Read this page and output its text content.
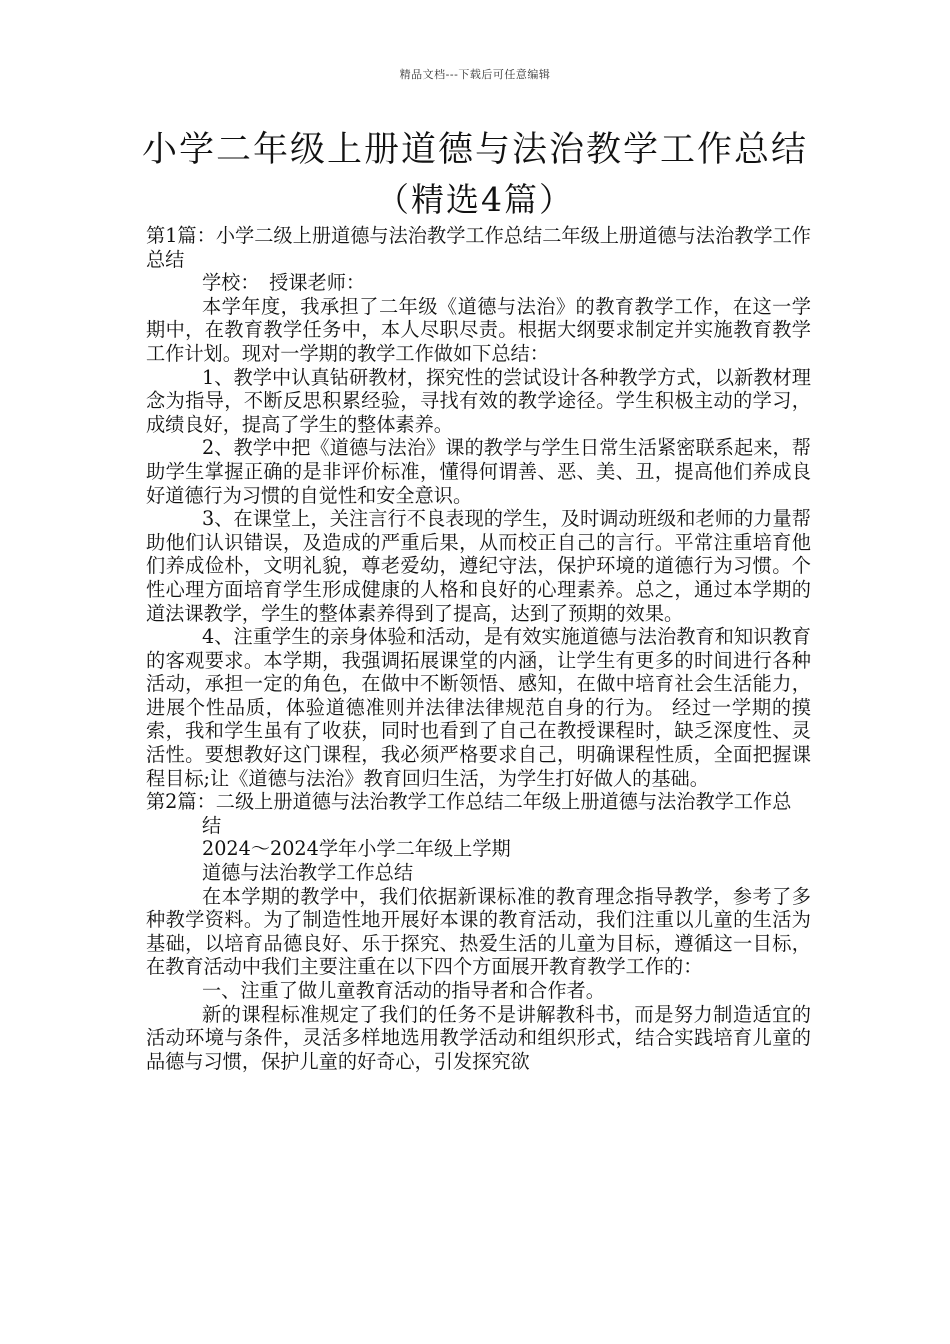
精品文档---下载后可任意编辑
小学二年级上册道德与法治教学工作总结
（精选4篇）

第1篇：小学二级上册道德与法治教学工作总结二年级上册道德与法治教学工作总结

学校：　授课老师：

本学年度，我承担了二年级《道德与法治》的教育教学工作，在这一学期中，在教育教学任务中，本人尽职尽责。根据大纲要求制定并实施教育教学工作计划。现对一学期的教学工作做如下总结：

1、教学中认真钻研教材，探究性的尝试设计各种教学方式，以新教材理念为指导，不断反思积累经验，寻找有效的教学途径。学生积极主动的学习，成绩良好，提高了学生的整体素养。

2、教学中把《道德与法治》课的教学与学生日常生活紧密联系起来，帮助学生掌握正确的是非评价标准，懂得何谓善、恶、美、丑，提高他们养成良好道德行为习惯的自觉性和安全意识。

3、在课堂上，关注言行不良表现的学生，及时调动班级和老师的力量帮助他们认识错误，及造成的严重后果，从而校正自己的言行。平常注重培育他们养成俭朴，文明礼貌，尊老爱幼，遵纪守法，保护环境的道德行为习惯。个性心理方面培育学生形成健康的人格和良好的心理素养。总之，通过本学期的道法课教学，学生的整体素养得到了提高，达到了预期的效果。

4、注重学生的亲身体验和活动，是有效实施道德与法治教育和知识教育的客观要求。本学期，我强调拓展课堂的内涵，让学生有更多的时间进行各种活动，承担一定的角色，在做中不断领悟、感知，在做中培育社会生活能力，进展个性品质，体验道德准则并法律法律规范自身的行为。 经过一学期的摸索，我和学生虽有了收获，同时也看到了自己在教授课程时，缺乏深度性、灵活性。要想教好这门课程，我必须严格要求自己，明确课程性质，全面把握课程目标;让《道德与法治》教育回归生活，为学生打好做人的基础。

第2篇：二级上册道德与法治教学工作总结二年级上册道德与法治教学工作总

结

2024～2024学年小学二年级上学期

道德与法治教学工作总结

在本学期的教学中，我们依据新课标准的教育理念指导教学，参考了多种教学资料。为了制造性地开展好本课的教育活动，我们注重以儿童的生活为基础，以培育品德良好、乐于探究、热爱生活的儿童为目标，遵循这一目标，在教育活动中我们主要注重在以下四个方面展开教育教学工作的：

一、注重了做儿童教育活动的指导者和合作者。

新的课程标准规定了我们的任务不是讲解教科书，而是努力制造适宜的活动环境与条件，灵活多样地选用教学活动和组织形式，结合实践培育儿童的品德与习惯，保护儿童的好奇心，引发探究欲
